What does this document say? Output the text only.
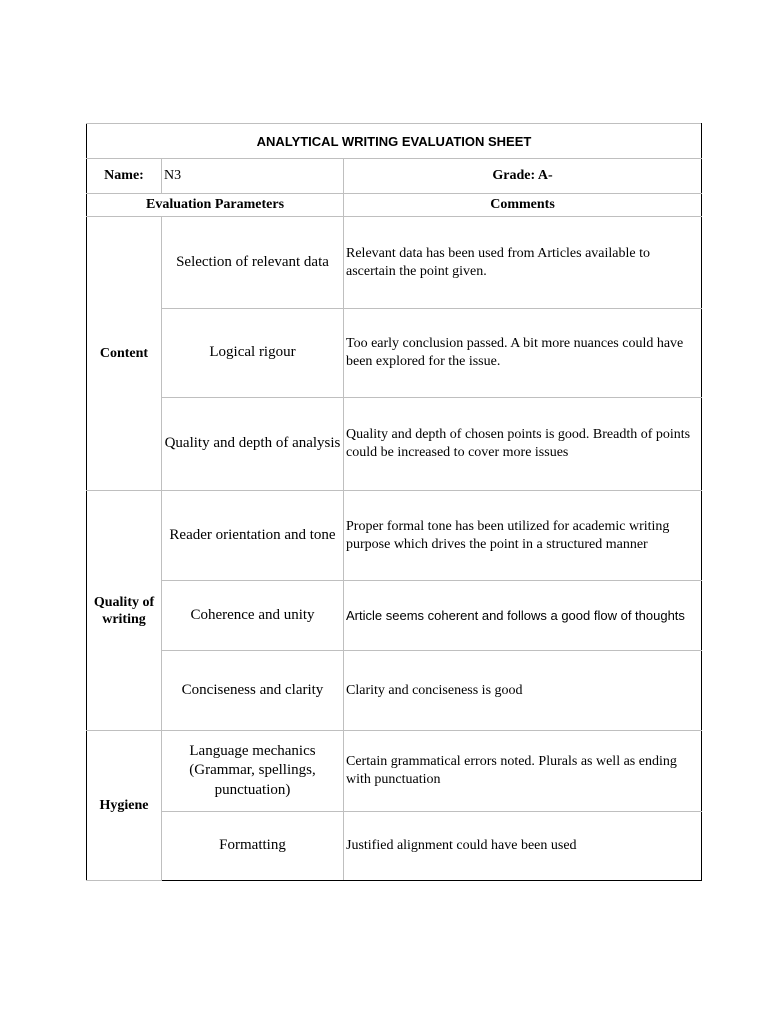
ANALYTICAL WRITING EVALUATION SHEET		
Name:	N3	Grade: A-
Evaluation Parameters		Comments
Content	Selection of relevant data	Relevant data has been used from Articles available to ascertain the point given.
	Logical rigour	Too early conclusion passed. A bit more nuances could have been explored for the issue.
	Quality and depth of analysis	Quality and depth of chosen points is good. Breadth of points could be increased to cover more issues
Quality of writing	Reader orientation and tone	Proper formal tone has been utilized for academic writing purpose which drives the point in a structured manner
	Coherence and unity	Article seems coherent and follows a good flow of thoughts
	Conciseness and clarity	Clarity and conciseness is good
Hygiene	Language mechanics (Grammar, spellings, punctuation)	Certain grammatical errors noted. Plurals as well as ending with punctuation
	Formatting	Justified alignment could have been used
